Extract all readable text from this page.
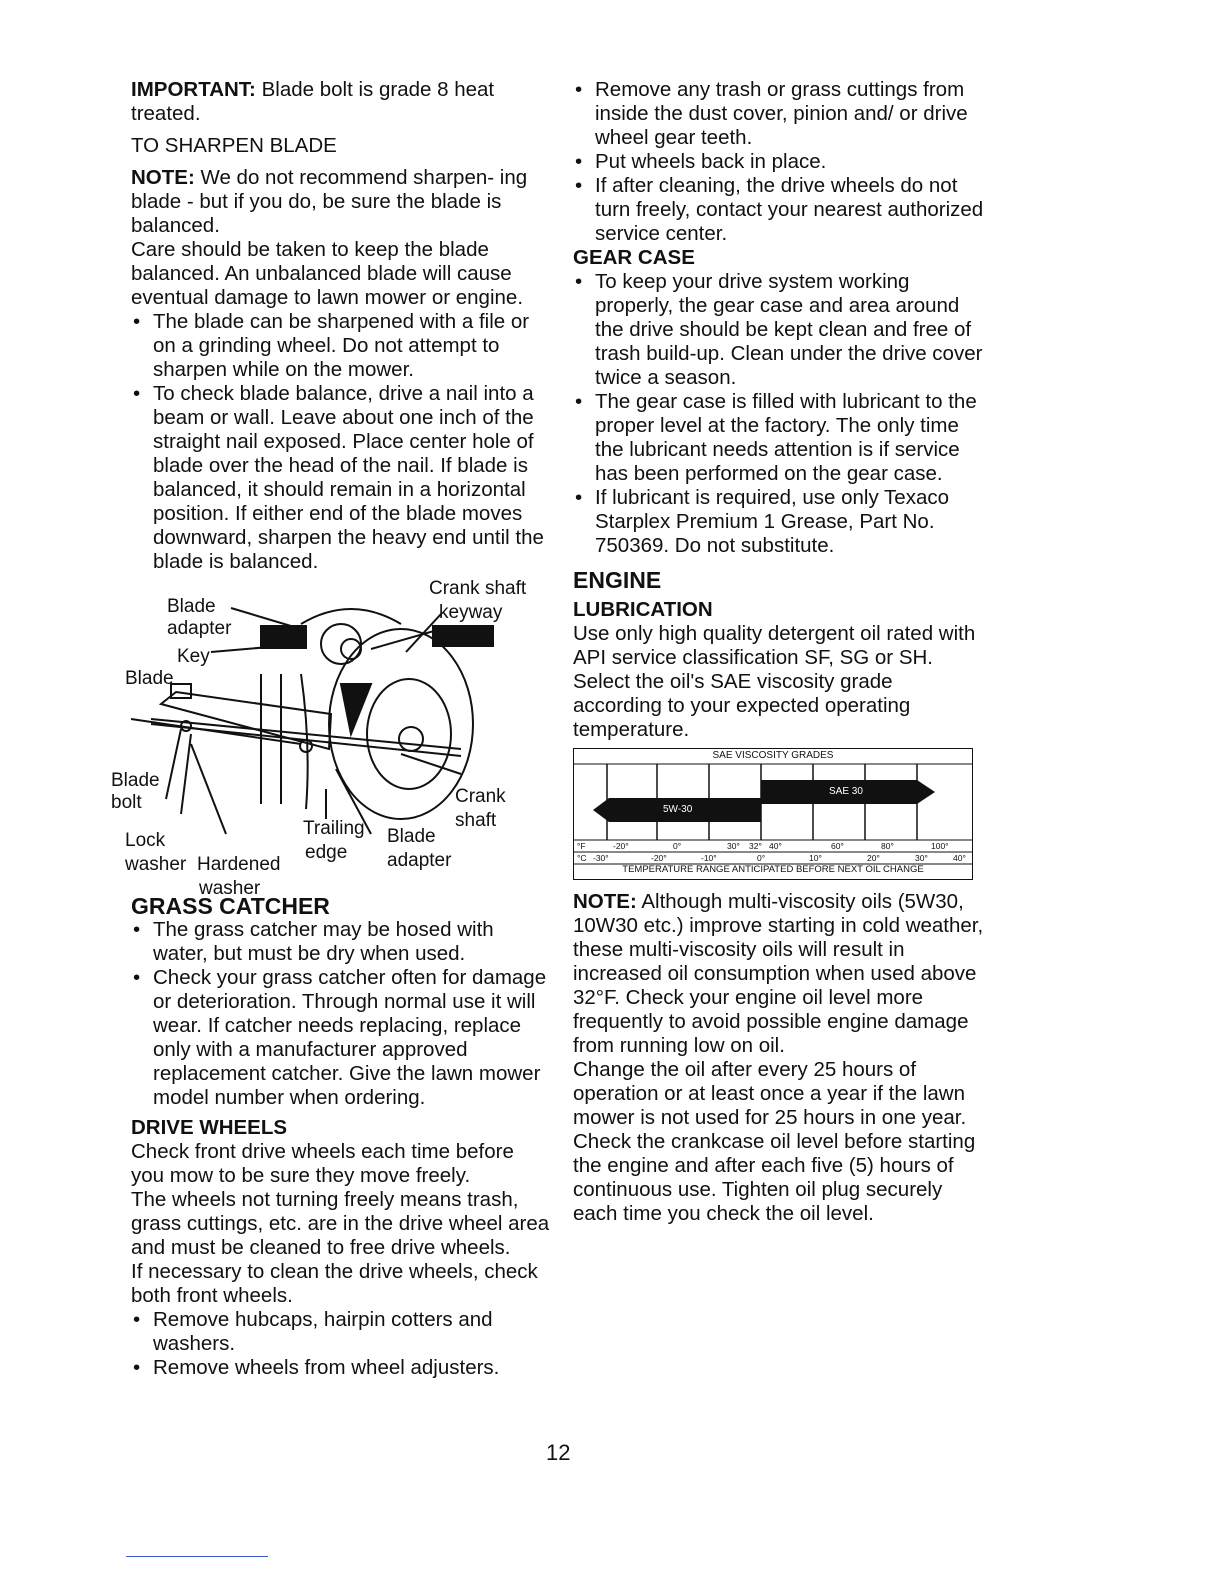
IMPORTANT: Blade bolt is grade 8 heat treated.

TO SHARPEN BLADE

NOTE: We do not recommend sharpen- ing blade - but if you do, be sure the blade is balanced.

Care should be taken to keep the blade balanced. An unbalanced blade will cause eventual damage to lawn mower or engine.

• The blade can be sharpened with a file or on a grinding wheel. Do not attempt to sharpen while on the mower.
• To check blade balance, drive a nail into a beam or wall. Leave about one inch of the straight nail exposed. Place center hole of blade over the head of the nail. If blade is balanced, it should remain in a horizontal position. If either end of the blade moves downward, sharpen the heavy end until the blade is balanced.
Crank shaft
keyway
Blade
adapter
Key
Blade
Blade
bolt	Crank
shaft
Lock
washer Hardened
washer
Trailing
edge
Blade
adapter

GRASS CATCHER

• The grass catcher may be hosed with water, but must be dry when used.
• Check your grass catcher often for damage or deterioration. Through normal use it will wear. If catcher needs replacing, replace only with a manufacturer approved replacement catcher. Give the lawn mower model number when ordering.

DRIVE WHEELS

Check front drive wheels each time before you mow to be sure they move freely.

The wheels not turning freely means trash, grass cuttings, etc. are in the drive wheel area and must be cleaned to free drive wheels.

If necessary to clean the drive wheels, check both front wheels.

• Remove hubcaps, hairpin cotters and washers.
• Remove wheels from wheel adjusters.
• Remove any trash or grass cuttings from inside the dust cover, pinion and/ or drive wheel gear teeth.
• Put wheels back in place.
• If after cleaning, the drive wheels do not turn freely, contact your nearest authorized service center.

GEAR CASE

• To keep your drive system working properly, the gear case and area around the drive should be kept clean and free of trash build-up. Clean under the drive cover twice a season.
• The gear case is filled with lubricant to the proper level at the factory. The only time the lubricant needs attention is if service has been performed on the gear case.
• If lubricant is required, use only Texaco Starplex Premium 1 Grease, Part No. 750369. Do not substitute.

ENGINE

LUBRICATION

Use only high quality detergent oil rated with API service classification SF, SG or SH. Select the oil's SAE viscosity grade according to your expected operating temperature.

SAE VISCOSITY GRADES
SAE 30
5W-30
°F	-20°	0°	30° 32° 40°	60°	80°	100°
°C -30°	-20°	-10°	0°	10°	20°	30°	40°
TEMPERATURE RANGE ANTICIPATED BEFORE NEXT OIL CHANGE

NOTE: Although multi-viscosity oils (5W30, 10W30 etc.) improve starting in cold weather, these multi-viscosity oils will result in increased oil consumption when used above 32°F. Check your engine oil level more frequently to avoid possible engine damage from running low on oil.

Change the oil after every 25 hours of operation or at least once a year if the lawn mower is not used for 25 hours in one year.

Check the crankcase oil level before starting the engine and after each five (5) hours of continuous use. Tighten oil plug securely each time you check the oil level.

12
